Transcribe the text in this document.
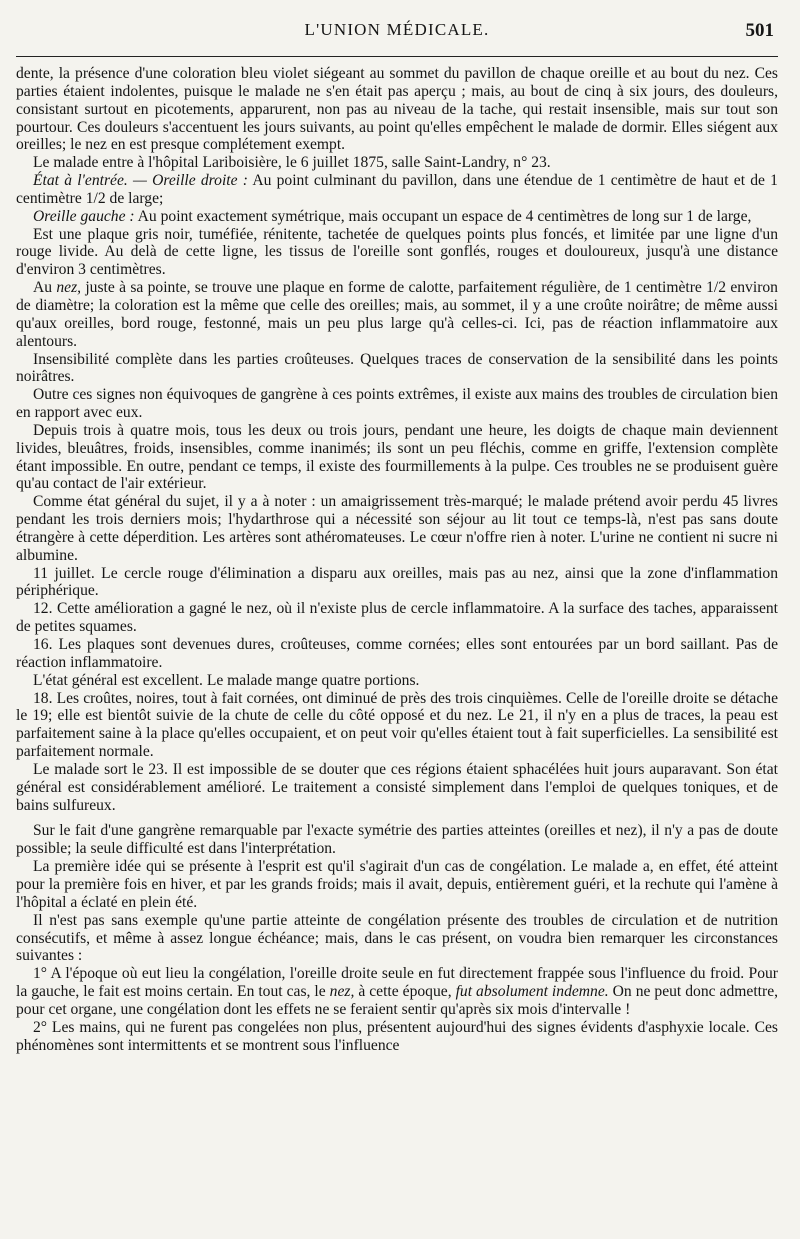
L'UNION MÉDICALE.	501

dente, la présence d'une coloration bleu violet siégeant au sommet du pavillon de chaque oreille et au bout du nez. Ces parties étaient indolentes, puisque le malade ne s'en était pas aperçu ; mais, au bout de cinq à six jours, des douleurs, consistant surtout en picotements, apparurent, non pas au niveau de la tache, qui restait insensible, mais sur tout son pourtour. Ces douleurs s'accentuent les jours suivants, au point qu'elles empêchent le malade de dormir. Elles siégent aux oreilles; le nez en est presque complétement exempt.

Le malade entre à l'hôpital Lariboisière, le 6 juillet 1875, salle Saint-Landry, n° 23.

État à l'entrée. — Oreille droite : Au point culminant du pavillon, dans une étendue de 1 centimètre de haut et de 1 centimètre 1/2 de large;

Oreille gauche : Au point exactement symétrique, mais occupant un espace de 4 centimètres de long sur 1 de large,

Est une plaque gris noir, tuméfiée, rénitente, tachetée de quelques points plus foncés, et limitée par une ligne d'un rouge livide. Au delà de cette ligne, les tissus de l'oreille sont gonflés, rouges et douloureux, jusqu'à une distance d'environ 3 centimètres.

Au nez, juste à sa pointe, se trouve une plaque en forme de calotte, parfaitement régulière, de 1 centimètre 1/2 environ de diamètre; la coloration est la même que celle des oreilles; mais, au sommet, il y a une croûte noirâtre; de même aussi qu'aux oreilles, bord rouge, festonné, mais un peu plus large qu'à celles-ci. Ici, pas de réaction inflammatoire aux alentours.

Insensibilité complète dans les parties croûteuses. Quelques traces de conservation de la sensibilité dans les points noirâtres.

Outre ces signes non équivoques de gangrène à ces points extrêmes, il existe aux mains des troubles de circulation bien en rapport avec eux.

Depuis trois à quatre mois, tous les deux ou trois jours, pendant une heure, les doigts de chaque main deviennent livides, bleuâtres, froids, insensibles, comme inanimés; ils sont un peu fléchis, comme en griffe, l'extension complète étant impossible. En outre, pendant ce temps, il existe des fourmillements à la pulpe. Ces troubles ne se produisent guère qu'au contact de l'air extérieur.

Comme état général du sujet, il y a à noter : un amaigrissement très-marqué; le malade prétend avoir perdu 45 livres pendant les trois derniers mois; l'hydarthrose qui a nécessité son séjour au lit tout ce temps-là, n'est pas sans doute étrangère à cette déperdition. Les artères sont athéromateuses. Le cœur n'offre rien à noter. L'urine ne contient ni sucre ni albumine.

11 juillet. Le cercle rouge d'élimination a disparu aux oreilles, mais pas au nez, ainsi que la zone d'inflammation périphérique.

12. Cette amélioration a gagné le nez, où il n'existe plus de cercle inflammatoire. A la surface des taches, apparaissent de petites squames.

16. Les plaques sont devenues dures, croûteuses, comme cornées; elles sont entourées par un bord saillant. Pas de réaction inflammatoire.

L'état général est excellent. Le malade mange quatre portions.

18. Les croûtes, noires, tout à fait cornées, ont diminué de près des trois cinquièmes. Celle de l'oreille droite se détache le 19; elle est bientôt suivie de la chute de celle du côté opposé et du nez. Le 21, il n'y en a plus de traces, la peau est parfaitement saine à la place qu'elles occupaient, et on peut voir qu'elles étaient tout à fait superficielles. La sensibilité est parfaitement normale.

Le malade sort le 23. Il est impossible de se douter que ces régions étaient sphacélées huit jours auparavant. Son état général est considérablement amélioré. Le traitement a consisté simplement dans l'emploi de quelques toniques, et de bains sulfureux.

Sur le fait d'une gangrène remarquable par l'exacte symétrie des parties atteintes (oreilles et nez), il n'y a pas de doute possible; la seule difficulté est dans l'interprétation.

La première idée qui se présente à l'esprit est qu'il s'agirait d'un cas de congélation. Le malade a, en effet, été atteint pour la première fois en hiver, et par les grands froids; mais il avait, depuis, entièrement guéri, et la rechute qui l'amène à l'hôpital a éclaté en plein été.

Il n'est pas sans exemple qu'une partie atteinte de congélation présente des troubles de circulation et de nutrition consécutifs, et même à assez longue échéance; mais, dans le cas présent, on voudra bien remarquer les circonstances suivantes :

1° A l'époque où eut lieu la congélation, l'oreille droite seule en fut directement frappée sous l'influence du froid. Pour la gauche, le fait est moins certain. En tout cas, le nez, à cette époque, fut absolument indemne. On ne peut donc admettre, pour cet organe, une congélation dont les effets ne se feraient sentir qu'après six mois d'intervalle !

2° Les mains, qui ne furent pas congelées non plus, présentent aujourd'hui des signes évidents d'asphyxie locale. Ces phénomènes sont intermittents et se montrent sous l'influence
